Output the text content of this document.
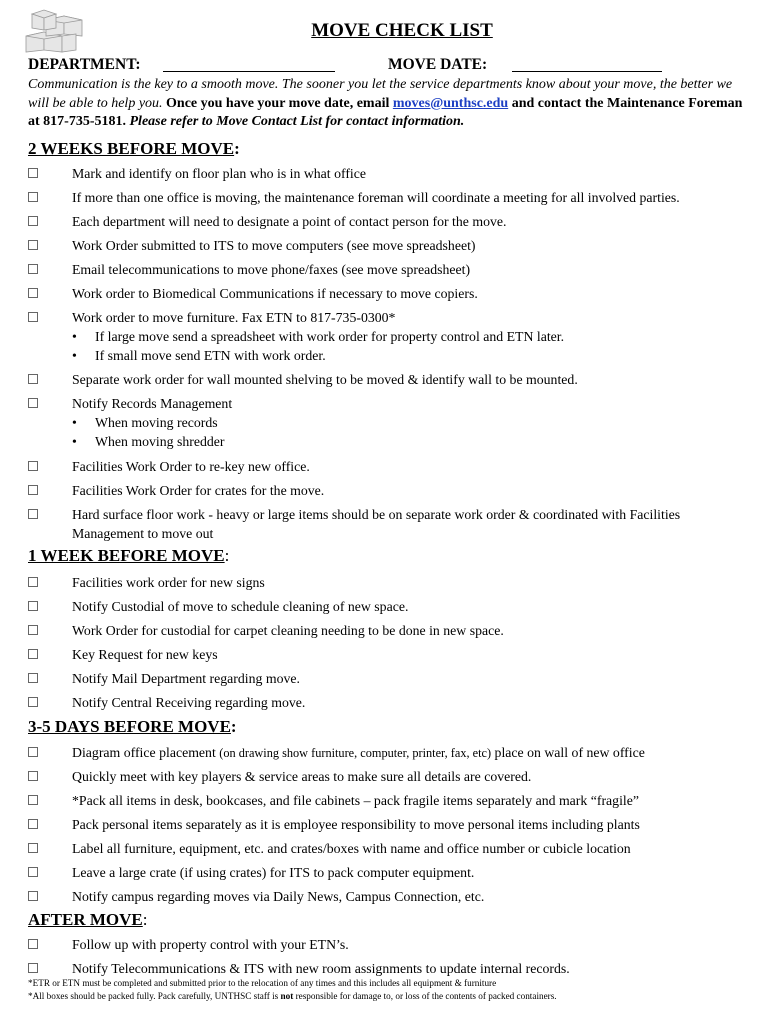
MOVE CHECK LIST
DEPARTMENT:	MOVE DATE:
Communication is the key to a smooth move. The sooner you let the service departments know about your move, the better we will be able to help you. Once you have your move date, email moves@unthsc.edu and contact the Maintenance Foreman at 817-735-5181. Please refer to Move Contact List for contact information.
2 WEEKS BEFORE MOVE:
Mark and identify on floor plan who is in what office
If more than one office is moving, the maintenance foreman will coordinate a meeting for all involved parties.
Each department will need to designate a point of contact person for the move.
Work Order submitted to ITS to move computers (see move spreadsheet)
Email telecommunications to move phone/faxes (see move spreadsheet)
Work order to Biomedical Communications if necessary to move copiers.
Work order to move furniture. Fax ETN to 817-735-0300*
• If large move send a spreadsheet with work order for property control and ETN later.
• If small move send ETN with work order.
Separate work order for wall mounted shelving to be moved & identify wall to be mounted.
Notify Records Management
• When moving records
• When moving shredder
Facilities Work Order to re-key new office.
Facilities Work Order for crates for the move.
Hard surface floor work - heavy or large items should be on separate work order & coordinated with Facilities Management to move out
1 WEEK BEFORE MOVE:
Facilities work order for new signs
Notify Custodial of move to schedule cleaning of new space.
Work Order for custodial for carpet cleaning needing to be done in new space.
Key Request for new keys
Notify Mail Department regarding move.
Notify Central Receiving regarding move.
3-5 DAYS BEFORE MOVE:
Diagram office placement (on drawing show furniture, computer, printer, fax, etc) place on wall of new office
Quickly meet with key players & service areas to make sure all details are covered.
*Pack all items in desk, bookcases, and file cabinets – pack fragile items separately and mark “fragile”
Pack personal items separately as it is employee responsibility to move personal items including plants
Label all furniture, equipment, etc. and crates/boxes with name and office number or cubicle location
Leave a large crate (if using crates) for ITS to pack computer equipment.
Notify campus regarding moves via Daily News, Campus Connection, etc.
AFTER MOVE:
Follow up with property control with your ETN’s.
Notify Telecommunications & ITS with new room assignments to update internal records.
*ETR or ETN must be completed and submitted prior to the relocation of any times and this includes all equipment & furniture
*All boxes should be packed fully. Pack carefully, UNTHSC staff is not responsible for damage to, or loss of the contents of packed containers.
